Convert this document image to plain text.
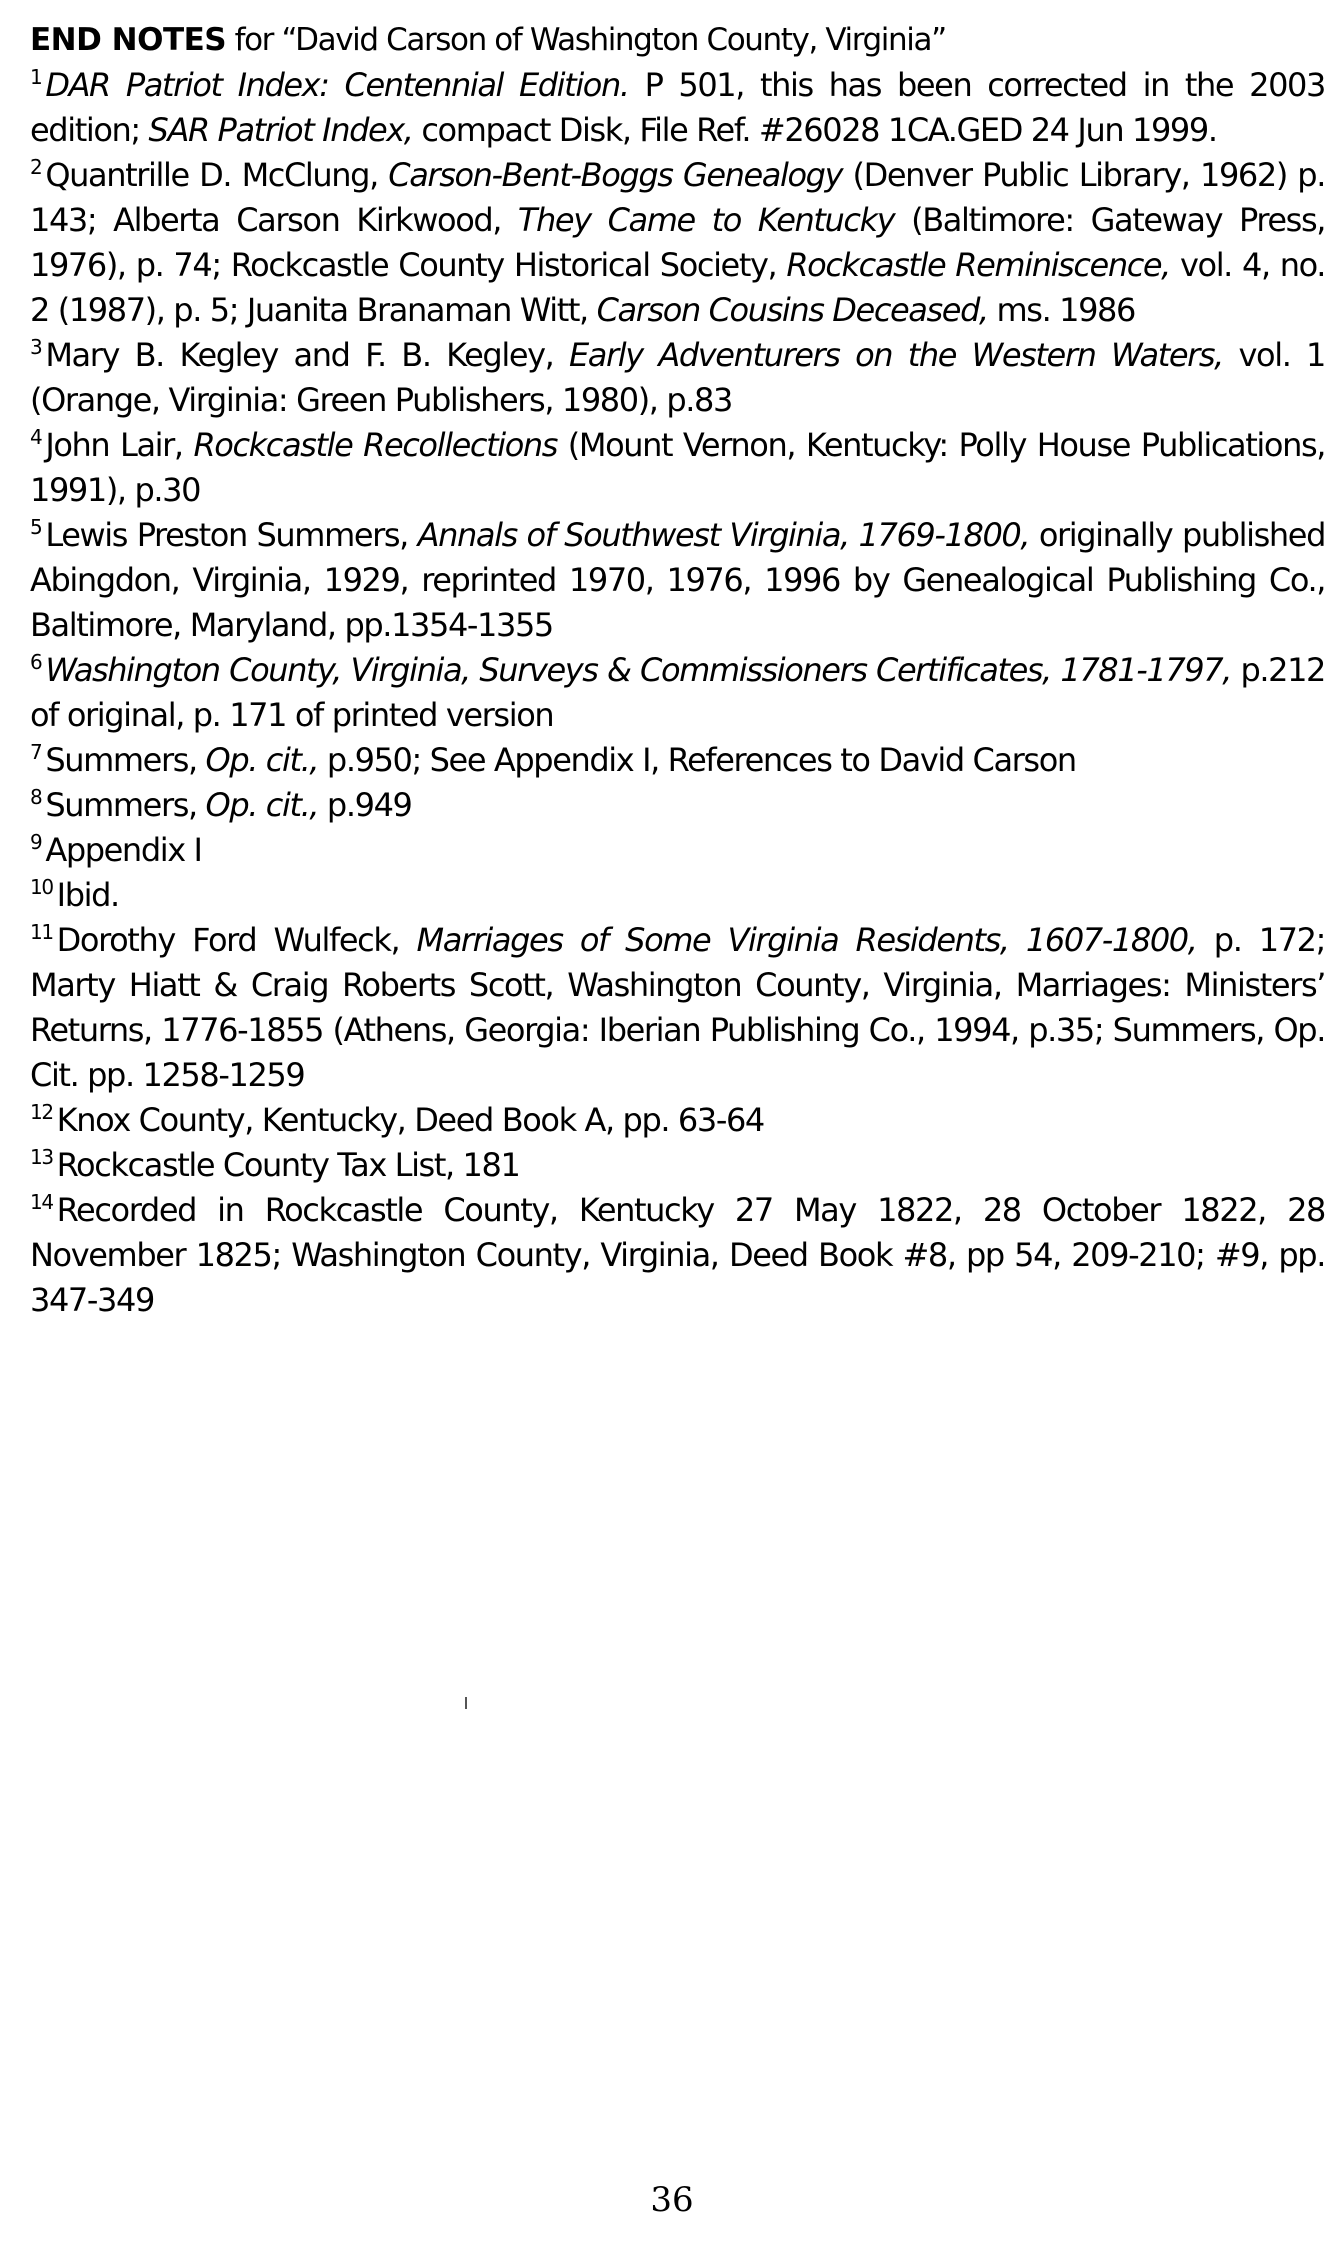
END NOTES for “David Carson of Washington County, Virginia”

$^1$ DAR Patriot Index: Centennial Edition. P 501, this has been corrected in the 2003 edition; SAR Patriot Index, compact Disk, File Ref. #26028 1CA.GED 24 Jun 1999.

$^2$ Quantrille D. McClung, Carson-Bent-Boggs Genealogy (Denver Public Library, 1962) p. 143; Alberta Carson Kirkwood, They Came to Kentucky (Baltimore: Gateway Press, 1976), p. 74; Rockcastle County Historical Society, Rockcastle Reminiscence, vol. 4, no. 2 (1987), p. 5; Juanita Branaman Witt, Carson Cousins Deceased, ms. 1986

$^3$ Mary B. Kegley and F. B. Kegley, Early Adventurers on the Western Waters, vol. 1 (Orange, Virginia: Green Publishers, 1980), p.83

$^4$ John Lair, Rockcastle Recollections (Mount Vernon, Kentucky: Polly House Publications, 1991), p.30

$^5$ Lewis Preston Summers, Annals of Southwest Virginia, 1769-1800, originally published Abingdon, Virginia, 1929, reprinted 1970, 1976, 1996 by Genealogical Publishing Co., Baltimore, Maryland, pp.1354-1355

$^6$ Washington County, Virginia, Surveys & Commissioners Certificates, 1781-1797, p.212 of original, p. 171 of printed version

$^7$ Summers, Op. cit., p.950; See Appendix I, References to David Carson

$^8$ Summers, Op. cit., p.949

$^9$ Appendix I

$^{10}$ Ibid.

$^{11}$ Dorothy Ford Wulfeck, Marriages of Some Virginia Residents, 1607-1800, p. 172; Marty Hiatt & Craig Roberts Scott, Washington County, Virginia, Marriages: Ministers’ Returns, 1776-1855 (Athens, Georgia: Iberian Publishing Co., 1994, p.35; Summers, Op. Cit. pp. 1258-1259

$^{12}$ Knox County, Kentucky, Deed Book A, pp. 63-64

$^{13}$ Rockcastle County Tax List, 181

$^{14}$ Recorded in Rockcastle County, Kentucky 27 May 1822, 28 October 1822, 28 November 1825; Washington County, Virginia, Deed Book #8, pp 54, 209-210; #9, pp. 347-349

36
